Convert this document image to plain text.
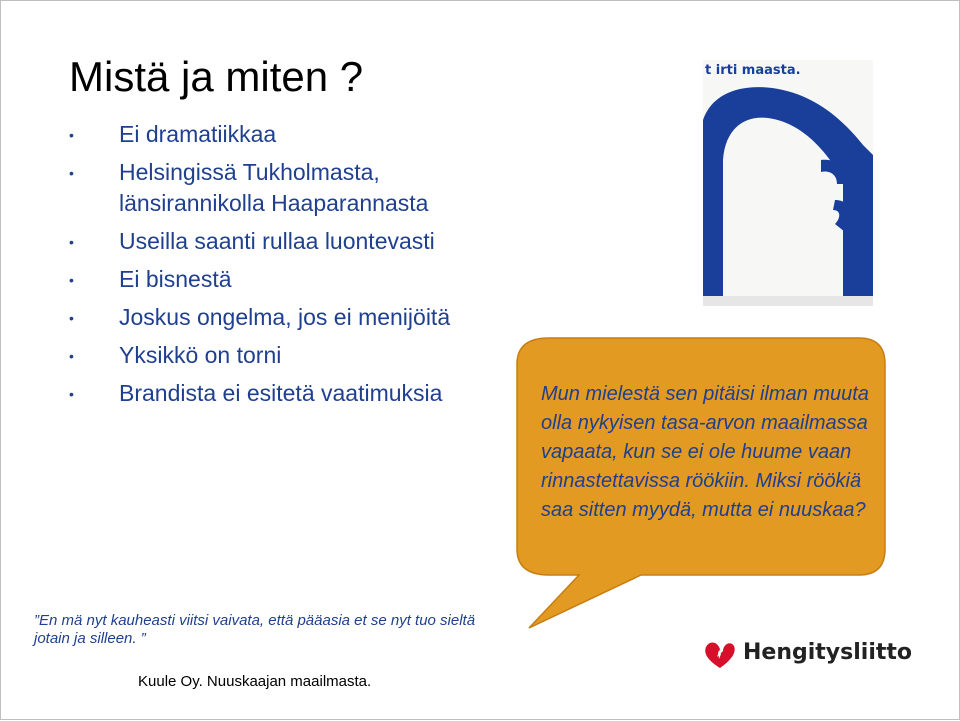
Mistä ja miten ?
• Ei dramatiikkaa
• Helsingissä Tukholmasta, länsirannikolla Haaparannasta
• Useilla saanti rullaa luontevasti
• Ei bisnestä
• Joskus ongelma, jos ei menijöitä
• Yksikkö on torni
• Brandista ei esitetä vaatimuksia
t irti maasta.
Mun mielestä sen pitäisi ilman muuta olla nykyisen tasa-arvon maailmassa vapaata, kun se ei ole huume vaan rinnastettavissa röökiin. Miksi röökiä saa sitten myydä, mutta ei nuuskaa?
”En mä nyt kauheasti viitsi vaivata, että pääasia et se nyt tuo sieltä jotain ja silleen. ”
Kuule Oy. Nuuskaajan maailmasta.
Hengitysliitto
